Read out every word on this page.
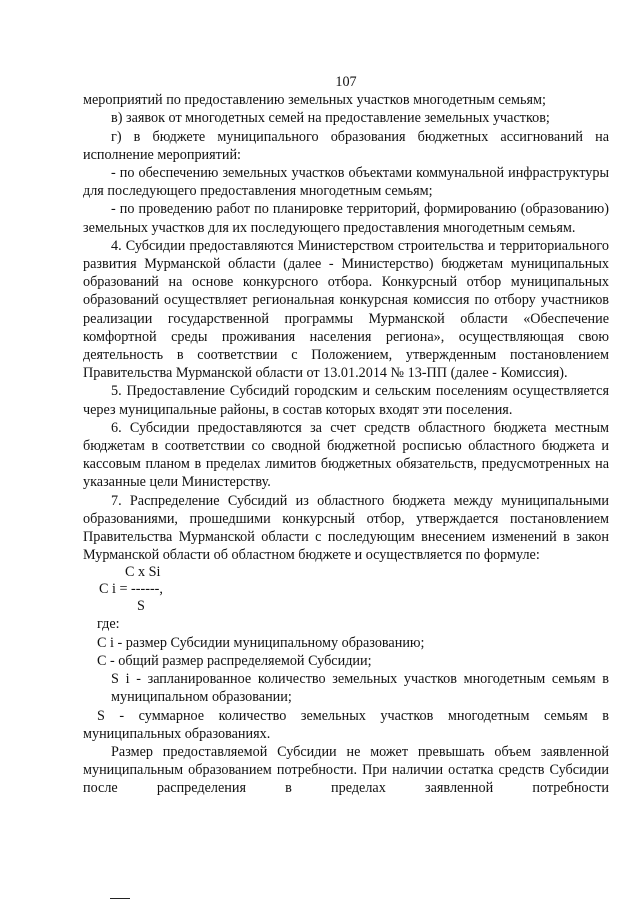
107

мероприятий по предоставлению земельных участков многодетным семьям;

в) заявок от многодетных семей на предоставление земельных участков;

г) в бюджете муниципального образования бюджетных ассигнований на исполнение мероприятий:

- по обеспечению земельных участков объектами коммунальной инфраструктуры для последующего предоставления многодетным семьям;

- по проведению работ по планировке территорий, формированию (образованию) земельных участков для их последующего предоставления многодетным семьям.

4. Субсидии предоставляются Министерством строительства и территориального развития Мурманской области (далее - Министерство) бюджетам муниципальных образований на основе конкурсного отбора. Конкурсный отбор муниципальных образований осуществляет региональная конкурсная комиссия по отбору участников реализации государственной программы Мурманской области «Обеспечение комфортной среды проживания населения региона», осуществляющая свою деятельность в соответствии с Положением, утвержденным постановлением Правительства Мурманской области от 13.01.2014 № 13-ПП (далее - Комиссия).

5. Предоставление Субсидий городским и сельским поселениям осуществляется через муниципальные районы, в состав которых входят эти поселения.

6. Субсидии предоставляются за счет средств областного бюджета местным бюджетам в соответствии со сводной бюджетной росписью областного бюджета и кассовым планом в пределах лимитов бюджетных обязательств, предусмотренных на указанные цели Министерству.

7. Распределение Субсидий из областного бюджета между муниципальными образованиями, прошедшими конкурсный отбор, утверждается постановлением Правительства Мурманской области с последующим внесением изменений в закон Мурманской области об областном бюджете и осуществляется по формуле:

C x Si
C i = ------,
S

где:

C i - размер Субсидии муниципальному образованию;

С - общий размер распределяемой Субсидии;

S i - запланированное количество земельных участков многодетным семьям в муниципальном образовании;

S - суммарное количество земельных участков многодетным семьям в муниципальных образованиях.

Размер предоставляемой Субсидии не может превышать объем заявленной муниципальным образованием потребности. При наличии остатка средств Субсидии после распределения в пределах заявленной потребности
